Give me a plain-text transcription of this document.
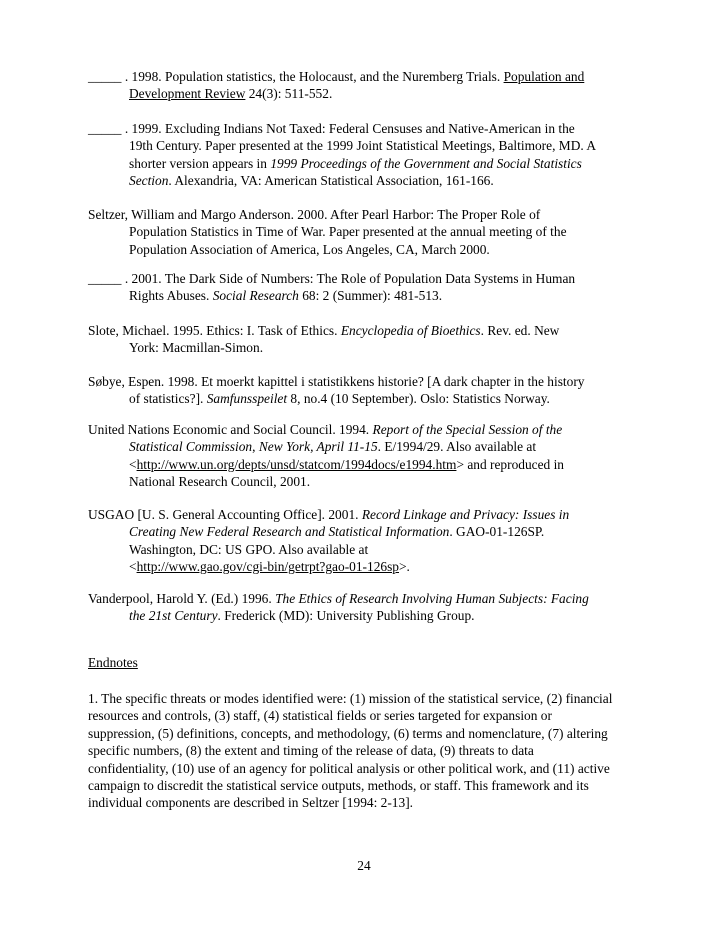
_____ . 1998. Population statistics, the Holocaust, and the Nuremberg Trials. Population and
Development Review 24(3): 511-552.

_____ . 1999. Excluding Indians Not Taxed: Federal Censuses and Native-American in the
19th Century. Paper presented at the 1999 Joint Statistical Meetings, Baltimore, MD. A
shorter version appears in 1999 Proceedings of the Government and Social Statistics
Section. Alexandria, VA: American Statistical Association, 161-166.

Seltzer, William and Margo Anderson. 2000. After Pearl Harbor: The Proper Role of
Population Statistics in Time of War. Paper presented at the annual meeting of the
Population Association of America, Los Angeles, CA, March 2000.

_____ . 2001. The Dark Side of Numbers: The Role of Population Data Systems in Human
Rights Abuses. Social Research 68: 2 (Summer): 481-513.

Slote, Michael. 1995. Ethics: I. Task of Ethics. Encyclopedia of Bioethics. Rev. ed. New
York: Macmillan-Simon.

Søbye, Espen. 1998. Et moerkt kapittel i statistikkens historie? [A dark chapter in the history
of statistics?]. Samfunsspeilet 8, no.4 (10 September). Oslo: Statistics Norway.

United Nations Economic and Social Council. 1994. Report of the Special Session of the
Statistical Commission, New York, April 11-15. E/1994/29. Also available at
<http://www.un.org/depts/unsd/statcom/1994docs/e1994.htm> and reproduced in
National Research Council, 2001.

USGAO [U. S. General Accounting Office]. 2001. Record Linkage and Privacy: Issues in
Creating New Federal Research and Statistical Information. GAO-01-126SP.
Washington, DC: US GPO. Also available at
<http://www.gao.gov/cgi-bin/getrpt?gao-01-126sp>.

Vanderpool, Harold Y. (Ed.) 1996. The Ethics of Research Involving Human Subjects: Facing
the 21st Century. Frederick (MD): University Publishing Group.

Endnotes

1. The specific threats or modes identified were: (1) mission of the statistical service, (2) financial
resources and controls, (3) staff, (4) statistical fields or series targeted for expansion or
suppression, (5) definitions, concepts, and methodology, (6) terms and nomenclature, (7) altering
specific numbers, (8) the extent and timing of the release of data, (9) threats to data
confidentiality, (10) use of an agency for political analysis or other political work, and (11) active
campaign to discredit the statistical service outputs, methods, or staff. This framework and its
individual components are described in Seltzer [1994: 2-13].

24
